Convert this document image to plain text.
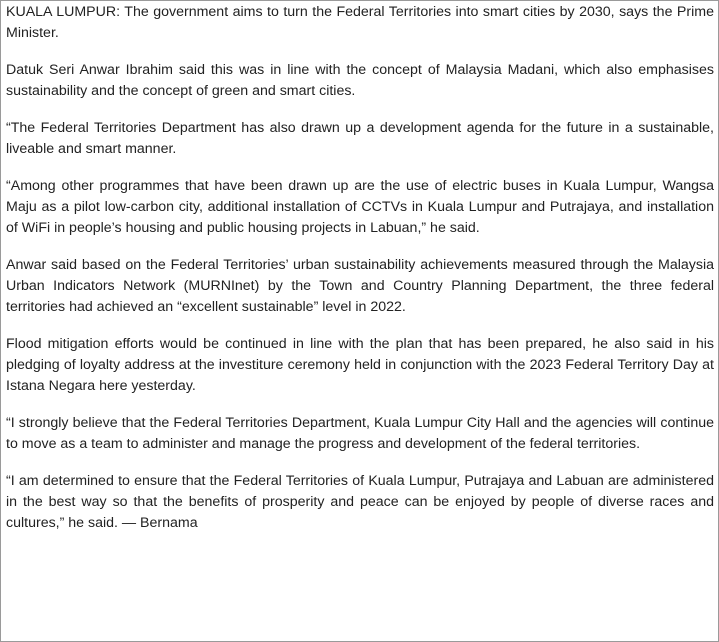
KUALA LUMPUR: The government aims to turn the Federal Territories into smart cities by 2030, says the Prime Minister.

Datuk Seri Anwar Ibrahim said this was in line with the concept of Malaysia Madani, which also emphasises sustainability and the concept of green and smart cities.

“The Federal Territories Department has also drawn up a development agenda for the future in a sustainable, liveable and smart manner.

“Among other programmes that have been drawn up are the use of electric buses in Kuala Lumpur, Wangsa Maju as a pilot low-carbon city, additional installation of CCTVs in Kuala Lumpur and Putrajaya, and installation of WiFi in people’s housing and public housing projects in Labuan,” he said.

Anwar said based on the Federal Territories’ urban sustainability achievements measured through the Malaysia Urban Indicators Network (MURNInet) by the Town and Country Planning Department, the three federal territories had achieved an “excellent sustainable” level in 2022.

Flood mitigation efforts would be continued in line with the plan that has been prepared, he also said in his pledging of loyalty address at the investiture ceremony held in conjunction with the 2023 Federal Territory Day at Istana Negara here yesterday.

“I strongly believe that the Federal Territories Department, Kuala Lumpur City Hall and the agencies will continue to move as a team to administer and manage the progress and development of the federal territories.

“I am determined to ensure that the Federal Territories of Kuala Lumpur, Putrajaya and Labuan are administered in the best way so that the benefits of prosperity and peace can be enjoyed by people of diverse races and cultures,” he said. — Bernama
